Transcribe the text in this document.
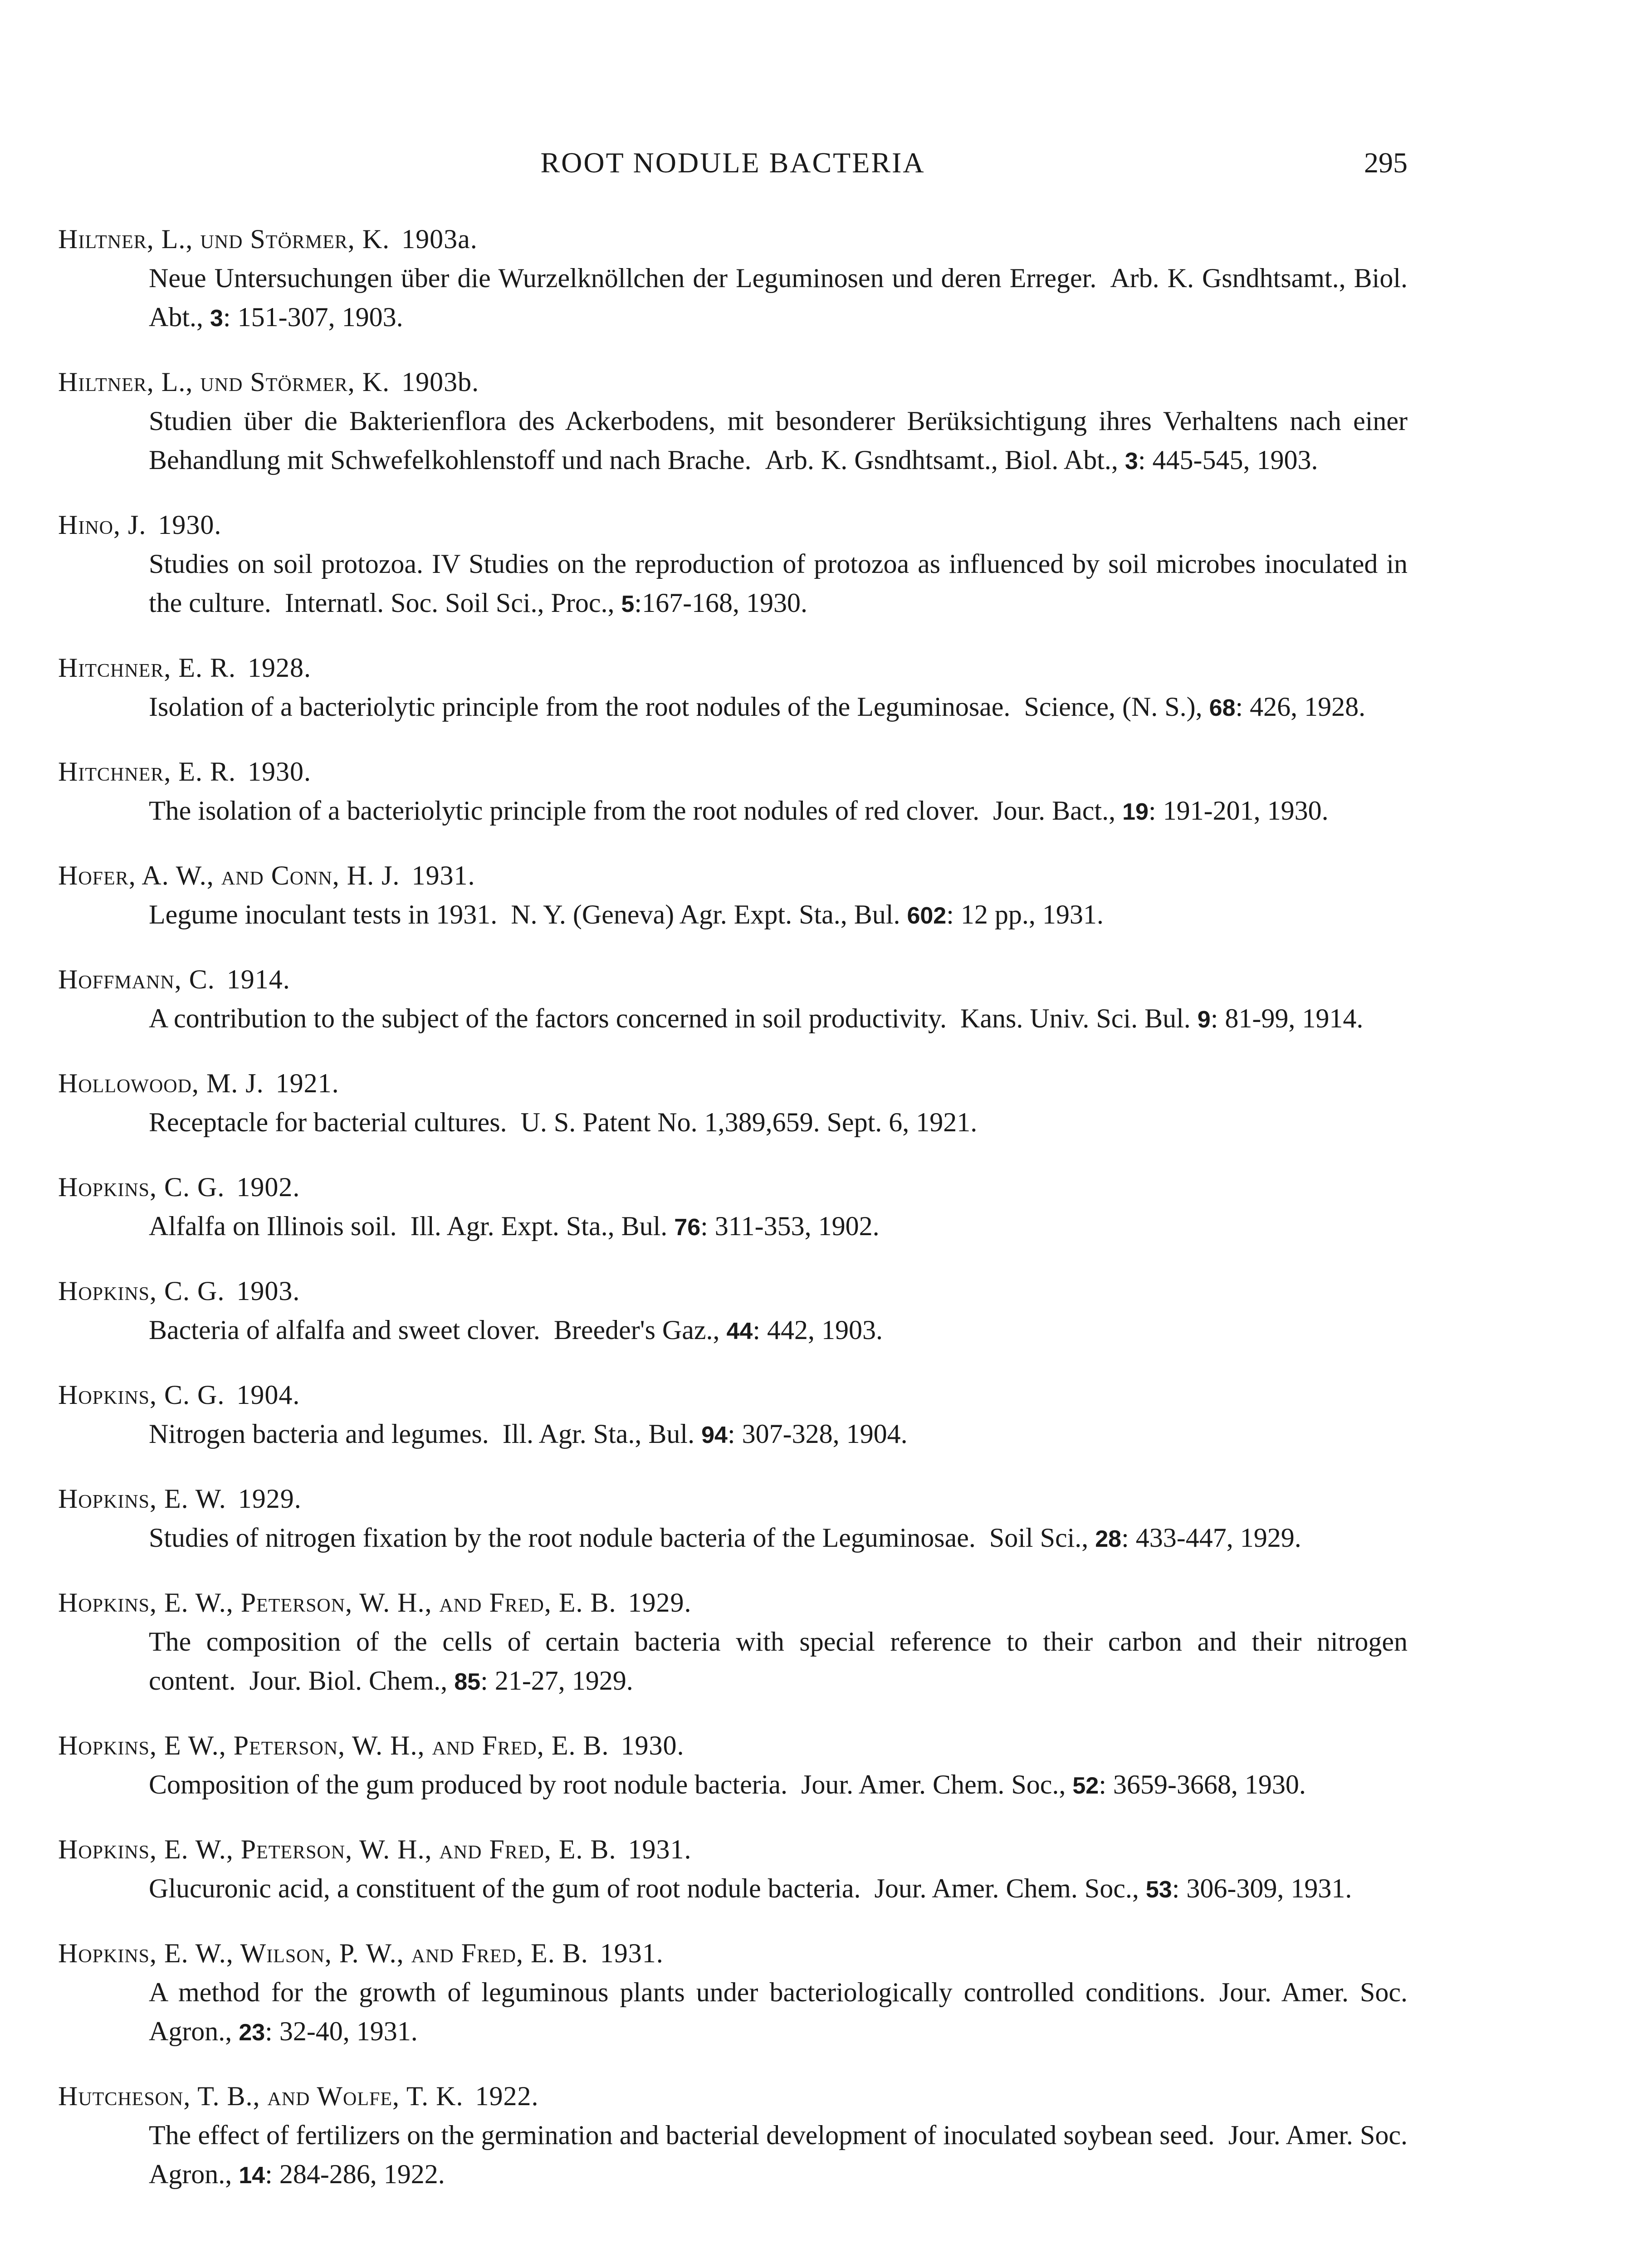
ROOT NODULE BACTERIA	295
Hiltner, L., und Störmer, K. 1903a.
Neue Untersuchungen über die Wurzelknöllchen der Leguminosen und deren Erreger. Arb. K. Gsndhtsamt., Biol. Abt., 3: 151-307, 1903.
Hiltner, L., und Störmer, K. 1903b.
Studien über die Bakterienflora des Ackerbodens, mit besonderer Berüksichtigung ihres Verhaltens nach einer Behandlung mit Schwefelkohlenstoff und nach Brache. Arb. K. Gsndhtsamt., Biol. Abt., 3: 445-545, 1903.
Hino, J. 1930.
Studies on soil protozoa. IV Studies on the reproduction of protozoa as influenced by soil microbes inoculated in the culture. Internatl. Soc. Soil Sci., Proc., 5:167-168, 1930.
Hitchner, E. R. 1928.
Isolation of a bacteriolytic principle from the root nodules of the Leguminosae. Science, (N. S.), 68: 426, 1928.
Hitchner, E. R. 1930.
The isolation of a bacteriolytic principle from the root nodules of red clover. Jour. Bact., 19: 191-201, 1930.
Hofer, A. W., and Conn, H. J. 1931.
Legume inoculant tests in 1931. N. Y. (Geneva) Agr. Expt. Sta., Bul. 602: 12 pp., 1931.
Hoffmann, C. 1914.
A contribution to the subject of the factors concerned in soil productivity. Kans. Univ. Sci. Bul. 9: 81-99, 1914.
Hollowood, M. J. 1921.
Receptacle for bacterial cultures. U. S. Patent No. 1,389,659. Sept. 6, 1921.
Hopkins, C. G. 1902.
Alfalfa on Illinois soil. Ill. Agr. Expt. Sta., Bul. 76: 311-353, 1902.
Hopkins, C. G. 1903.
Bacteria of alfalfa and sweet clover. Breeder's Gaz., 44: 442, 1903.
Hopkins, C. G. 1904.
Nitrogen bacteria and legumes. Ill. Agr. Sta., Bul. 94: 307-328, 1904.
Hopkins, E. W. 1929.
Studies of nitrogen fixation by the root nodule bacteria of the Leguminosae. Soil Sci., 28: 433-447, 1929.
Hopkins, E. W., Peterson, W. H., and Fred, E. B. 1929.
The composition of the cells of certain bacteria with special reference to their carbon and their nitrogen content. Jour. Biol. Chem., 85: 21-27, 1929.
Hopkins, E W., Peterson, W. H., and Fred, E. B. 1930.
Composition of the gum produced by root nodule bacteria. Jour. Amer. Chem. Soc., 52: 3659-3668, 1930.
Hopkins, E. W., Peterson, W. H., and Fred, E. B. 1931.
Glucuronic acid, a constituent of the gum of root nodule bacteria. Jour. Amer. Chem. Soc., 53: 306-309, 1931.
Hopkins, E. W., Wilson, P. W., and Fred, E. B. 1931.
A method for the growth of leguminous plants under bacteriologically controlled conditions. Jour. Amer. Soc. Agron., 23: 32-40, 1931.
Hutcheson, T. B., and Wolfe, T. K. 1922.
The effect of fertilizers on the germination and bacterial development of inoculated soybean seed. Jour. Amer. Soc. Agron., 14: 284-286, 1922.
